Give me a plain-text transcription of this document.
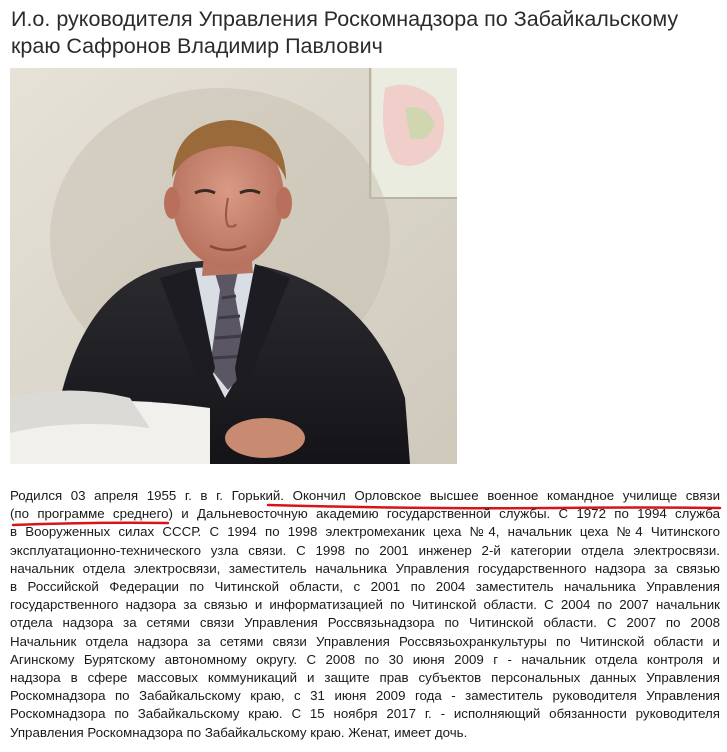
И.о. руководителя Управления Роскомнадзора по Забайкальскому
краю Сафронов Владимир Павлович
Родился 03 апреля 1955 г. в г. Горький. Окончил Орловское высшее военное командное училище связи
(по программе среднего) и Дальневосточную академию государственной службы. С 1972 по 1994 служба
в Вооруженных силах СССР. С 1994 по 1998 электромеханик цеха №4, начальник цеха №4 Читинского
эксплуатационно-технического узла связи. С 1998 по 2001 инженер 2-й категории отдела электросвязи.
начальник отдела электросвязи, заместитель начальника Управления государственного надзора за связью
в Российской Федерации по Читинской области, с 2001 по 2004 заместитель начальника Управления
государственного надзора за связью и информатизацией по Читинской области. С 2004 по 2007 начальник
отдела надзора за сетями связи Управления Россвязьнадзора по Читинской области. С 2007 по 2008
Начальник отдела надзора за сетями связи Управления Россвязьохранкультуры по Читинской области и
Агинскому Бурятскому автономному округу. С 2008 по 30 июня 2009 г - начальник отдела контроля и
надзора в сфере массовых коммуникаций и защите прав субъектов персональных данных Управления
Роскомнадзора по Забайкальскому краю, с 31 июня 2009 года - заместитель руководителя Управления
Роскомнадзора по Забайкальскому краю. С 15 ноября 2017 г. - исполняющий обязанности руководителя
Управления Роскомнадзора по Забайкальскому краю. Женат, имеет дочь.
